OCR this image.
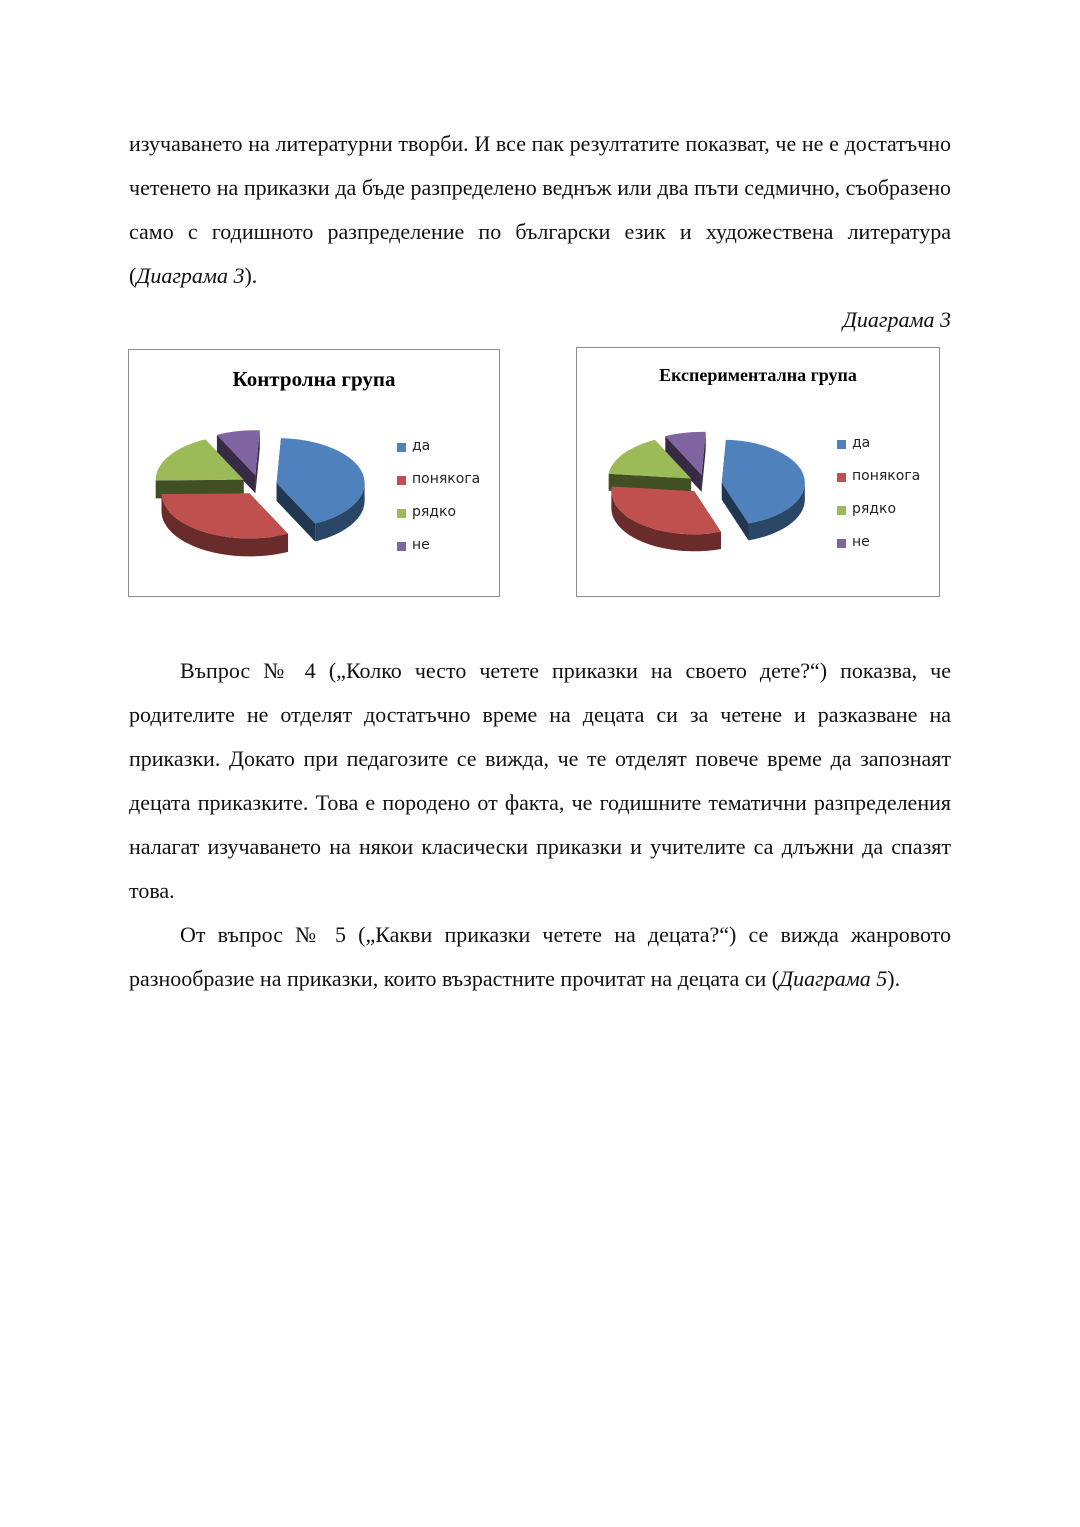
изучаването на литературни творби. И все пак резултатите показват, че не е достатъчно четенето на приказки да бъде разпределено веднъж или два пъти седмично, съобразено само с годишното разпределение по български език и художествена литература (Диаграма 3).

Диаграма 3

Контролна група

да
понякога
рядко
не

Експериментална група

да
понякога
рядко
не

Въпрос № 4 („Колко често четете приказки на своето дете?“) показва, че родителите не отделят достатъчно време на децата си за четене и разказване на приказки. Докато при педагозите се вижда, че те отделят повече време да запознаят децата приказките. Това е породено от факта, че годишните тематични разпределения налагат изучаването на някои класически приказки и учителите са длъжни да спазят това.

От въпрос № 5 („Какви приказки четете на децата?“) се вижда жанровото разнообразие на приказки, които възрастните прочитат на децата си (Диаграма 5).
